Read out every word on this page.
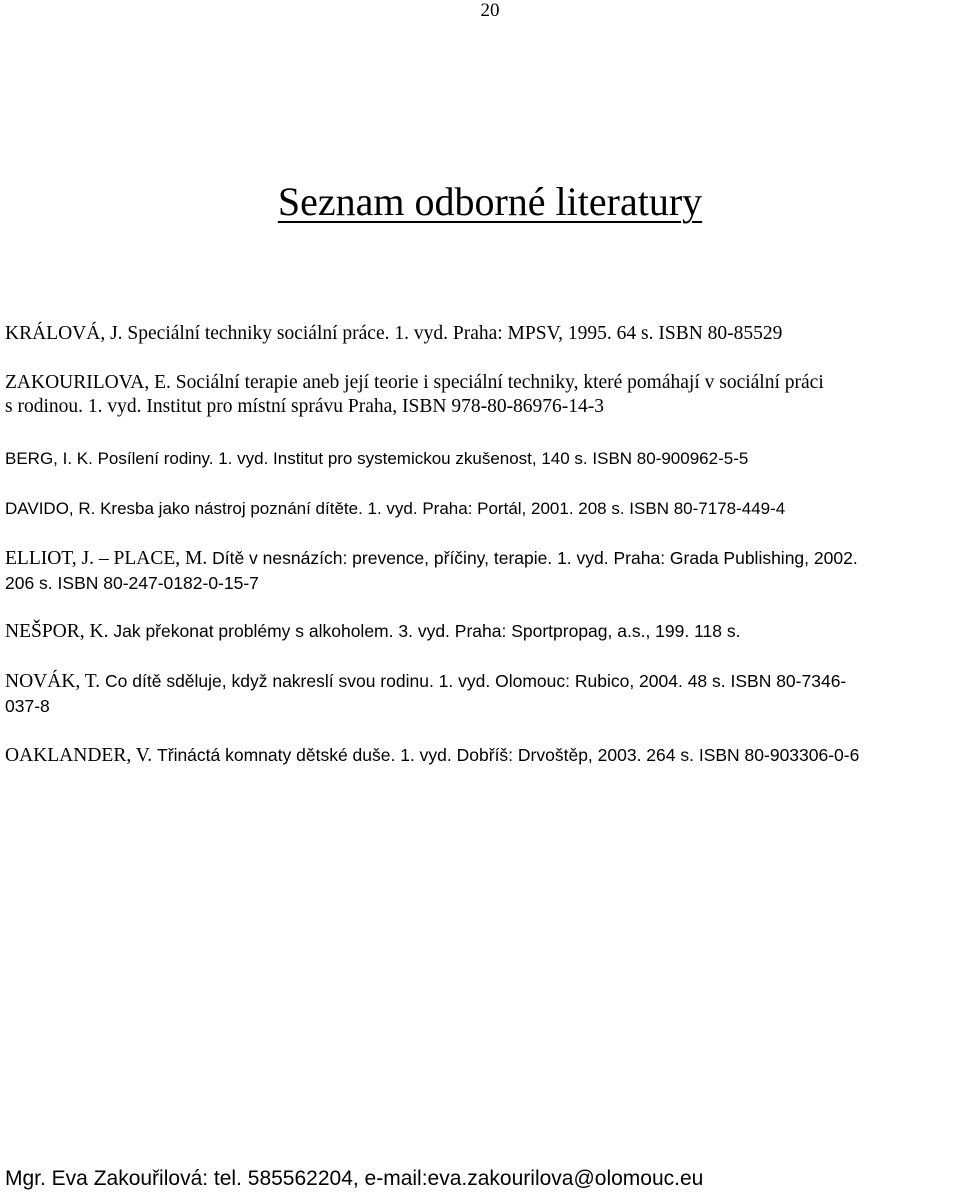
20
Seznam odborné literatury

KRÁLOVÁ, J. Speciální techniky sociální práce. 1. vyd. Praha: MPSV, 1995. 64 s. ISBN 80-85529

ZAKOURILOVA, E. Sociální terapie aneb její teorie i speciální techniky, které pomáhají v sociální práci
s rodinou. 1. vyd. Institut pro místní správu Praha, ISBN 978-80-86976-14-3

BERG, I. K. Posílení rodiny. 1. vyd. Institut pro systemickou zkušenost, 140 s. ISBN 80-900962-5-5

DAVIDO, R. Kresba jako nástroj poznání dítěte. 1. vyd. Praha: Portál, 2001. 208 s. ISBN 80-7178-449-4

ELLIOT, J. – PLACE, M. Dítě v nesnázích: prevence, příčiny, terapie. 1. vyd. Praha: Grada Publishing, 2002.
206 s. ISBN 80-247-0182-0-15-7

NEŠPOR, K. Jak překonat problémy s alkoholem. 3. vyd. Praha: Sportpropag, a.s., 199. 118 s.

NOVÁK, T. Co dítě sděluje, když nakreslí svou rodinu. 1. vyd. Olomouc: Rubico, 2004. 48 s. ISBN 80-7346-
037-8

OAKLANDER, V. Třináctá komnaty dětské duše. 1. vyd. Dobříš: Drvoštěp, 2003. 264 s. ISBN 80-903306-0-6

Mgr. Eva Zakouřilová: tel. 585562204, e-mail:eva.zakourilova@olomouc.eu
